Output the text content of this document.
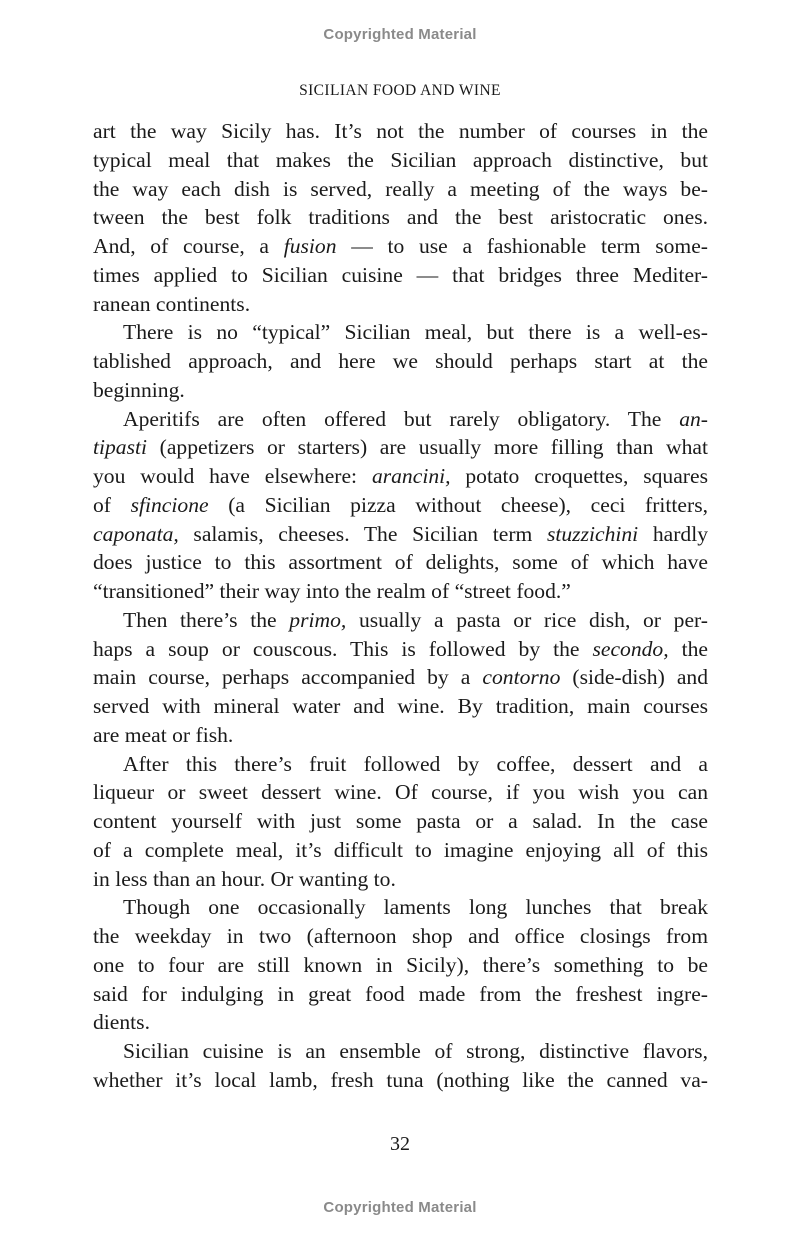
Copyrighted Material
SICILIAN FOOD AND WINE
art the way Sicily has. It’s not the number of courses in the
typical meal that makes the Sicilian approach distinctive, but
the way each dish is served, really a meeting of the ways be-
tween the best folk traditions and the best aristocratic ones.
And, of course, a fusion — to use a fashionable term some-
times applied to Sicilian cuisine — that bridges three Mediter-
ranean continents.
There is no “typical” Sicilian meal, but there is a well-es-
tablished approach, and here we should perhaps start at the
beginning.
Aperitifs are often offered but rarely obligatory. The an-
tipasti (appetizers or starters) are usually more filling than what
you would have elsewhere: arancini, potato croquettes, squares
of sfincione (a Sicilian pizza without cheese), ceci fritters,
caponata, salamis, cheeses. The Sicilian term stuzzichini hardly
does justice to this assortment of delights, some of which have
“transitioned” their way into the realm of “street food.”
Then there’s the primo, usually a pasta or rice dish, or per-
haps a soup or couscous. This is followed by the secondo, the
main course, perhaps accompanied by a contorno (side-dish) and
served with mineral water and wine. By tradition, main courses
are meat or fish.
After this there’s fruit followed by coffee, dessert and a
liqueur or sweet dessert wine. Of course, if you wish you can
content yourself with just some pasta or a salad. In the case
of a complete meal, it’s difficult to imagine enjoying all of this
in less than an hour. Or wanting to.
Though one occasionally laments long lunches that break
the weekday in two (afternoon shop and office closings from
one to four are still known in Sicily), there’s something to be
said for indulging in great food made from the freshest ingre-
dients.
Sicilian cuisine is an ensemble of strong, distinctive flavors,
whether it’s local lamb, fresh tuna (nothing like the canned va-
32
Copyrighted Material
